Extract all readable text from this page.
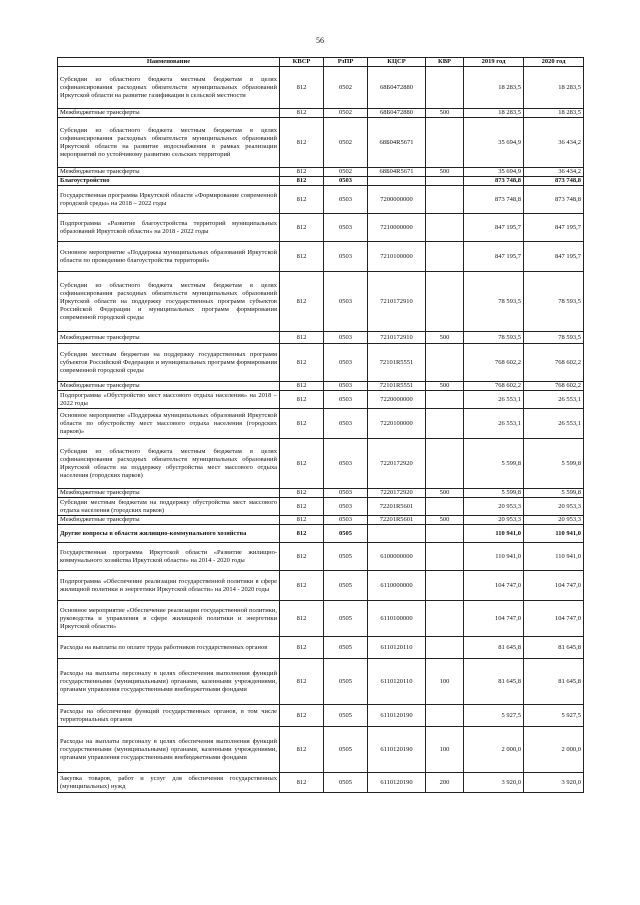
56
Наименование	КВСР	РзПР	КЦСР	КВР	2019 год	2020 год
Субсидии из областного бюджета местным бюджетам в целях софинансирования расходных обязательств муниципальных образований Иркутской области на развитие газификации в сельской местности	812	0502	68Б0472880		18 283,5	18 283,5
Межбюджетные трансферты	812	0502	68Б0472880	500	18 283,5	18 283,5
Субсидии из областного бюджета местным бюджетам в целях софинансирования расходных обязательств муниципальных образований Иркутской области на развитие водоснабжения в рамках реализации мероприятий по устойчивому развитию сельских территорий	812	0502	68Б04R5671		35 694,9	36 434,2
Межбюджетные трансферты	812	0502	68Б04R5671	500	35 694,9	36 434,2
Благоустройство	812	0503			873 748,8	873 748,8
Государственная программа Иркутской области «Формирование современной городской среды» на 2018 – 2022 годы	812	0503	7200000000		873 748,8	873 748,8
Подпрограмма «Развитие благоустройства территорий муниципальных образований Иркутской области» на 2018 - 2022 годы	812	0503	7210000000		847 195,7	847 195,7
Основное мероприятие «Поддержка муниципальных образований Иркутской области по проведению благоустройства территорий»	812	0503	7210100000		847 195,7	847 195,7
Субсидии из областного бюджета местным бюджетам в целях софинансирования расходных обязательств муниципальных образований Иркутской области на поддержку государственных программ субъектов Российской Федерации и муниципальных программ формирования современной городской среды	812	0503	7210172910		78 593,5	78 593,5
Межбюджетные трансферты	812	0503	7210172910	500	78 593,5	78 593,5
Субсидии местным бюджетам на поддержку государственных программ субъектов Российской Федерации и муниципальных программ формирования современной городской среды	812	0503	72101R5551		768 602,2	768 602,2
Межбюджетные трансферты	812	0503	72101R5551	500	768 602,2	768 602,2
Подпрограмма «Обустройство мест массового отдыха населения» на 2018 – 2022 годы	812	0503	7220000000		26 553,1	26 553,1
Основное мероприятие «Поддержка муниципальных образований Иркутской области по обустройству мест массового отдыха населения (городских парков)»	812	0503	7220100000		26 553,1	26 553,1
Субсидии из областного бюджета местным бюджетам в целях софинансирования расходных обязательств муниципальных образований Иркутской области на поддержку обустройства мест массового отдыха населения (городских парков)	812	0503	7220172920		5 599,8	5 599,8
Межбюджетные трансферты	812	0503	7220172920	500	5 599,8	5 599,8
Субсидии местным бюджетам на поддержку обустройства мест массового отдыха населения (городских парков)	812	0503	72201R5601		20 953,3	20 953,3
Межбюджетные трансферты	812	0503	72201R5601	500	20 953,3	20 953,3
Другие вопросы в области жилищно-коммунального хозяйства	812	0505			110 941,0	110 941,0
Государственная программа Иркутской области «Развитие жилищно-коммунального хозяйства Иркутской области» на 2014 - 2020 годы	812	0505	6100000000		110 941,0	110 941,0
Подпрограмма «Обеспечение реализации государственной политики в сфере жилищной политики и энергетики Иркутской области» на 2014 - 2020 годы	812	0505	6110000000		104 747,0	104 747,0
Основное мероприятие «Обеспечение реализации государственной политики, руководства и управления в сфере жилищной политики и энергетики Иркутской области»	812	0505	6110100000		104 747,0	104 747,0
Расходы на выплаты по оплате труда работников государственных органов	812	0505	6110120110		81 645,8	81 645,8
Расходы на выплаты персоналу в целях обеспечения выполнения функций государственными (муниципальными) органами, казенными учреждениями, органами управления государственными внебюджетными фондами	812	0505	6110120110	100	81 645,8	81 645,8
Расходы на обеспечение функций государственных органов, в том числе территориальных органов	812	0505	6110120190		5 927,5	5 927,5
Расходы на выплаты персоналу в целях обеспечения выполнения функций государственными (муниципальными) органами, казенными учреждениями, органами управления государственными внебюджетными фондами	812	0505	6110120190	100	2 000,0	2 000,0
Закупка товаров, работ и услуг для обеспечения государственных (муниципальных) нужд	812	0505	6110120190	200	3 920,0	3 920,0
